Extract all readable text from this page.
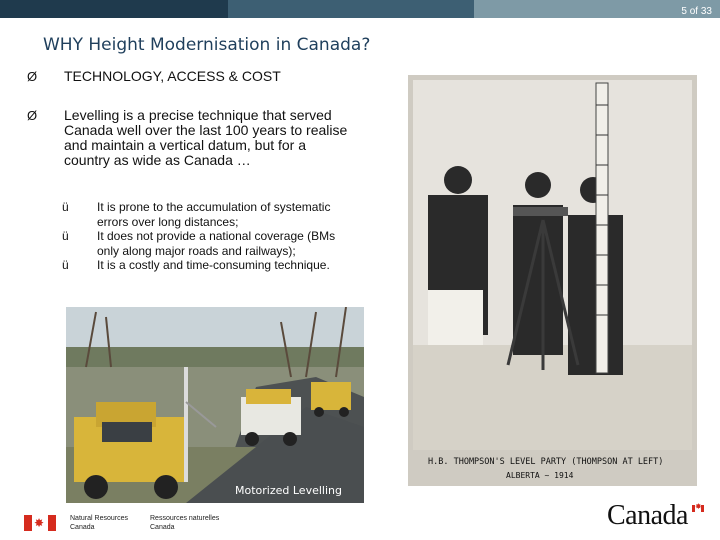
5 of 33
WHY Height Modernisation in Canada?
Ø	TECHNOLOGY, ACCESS & COST
Ø	Levelling is a precise technique that served Canada well over the last 100 years to realise and maintain a vertical datum, but for a country as wide as Canada …
ü	It is prone to the accumulation of systematic errors over long distances;
ü	It does not provide a national coverage (BMs only along major roads and railways);
ü	It is a costly and time-consuming technique.
Motorized Levelling
H.B. THOMPSON'S LEVEL PARTY (THOMPSON AT LEFT)
ALBERTA ~ 1914
✸	Natural Resources
Canada
Ressources naturelles
Canada	Canada ✸
